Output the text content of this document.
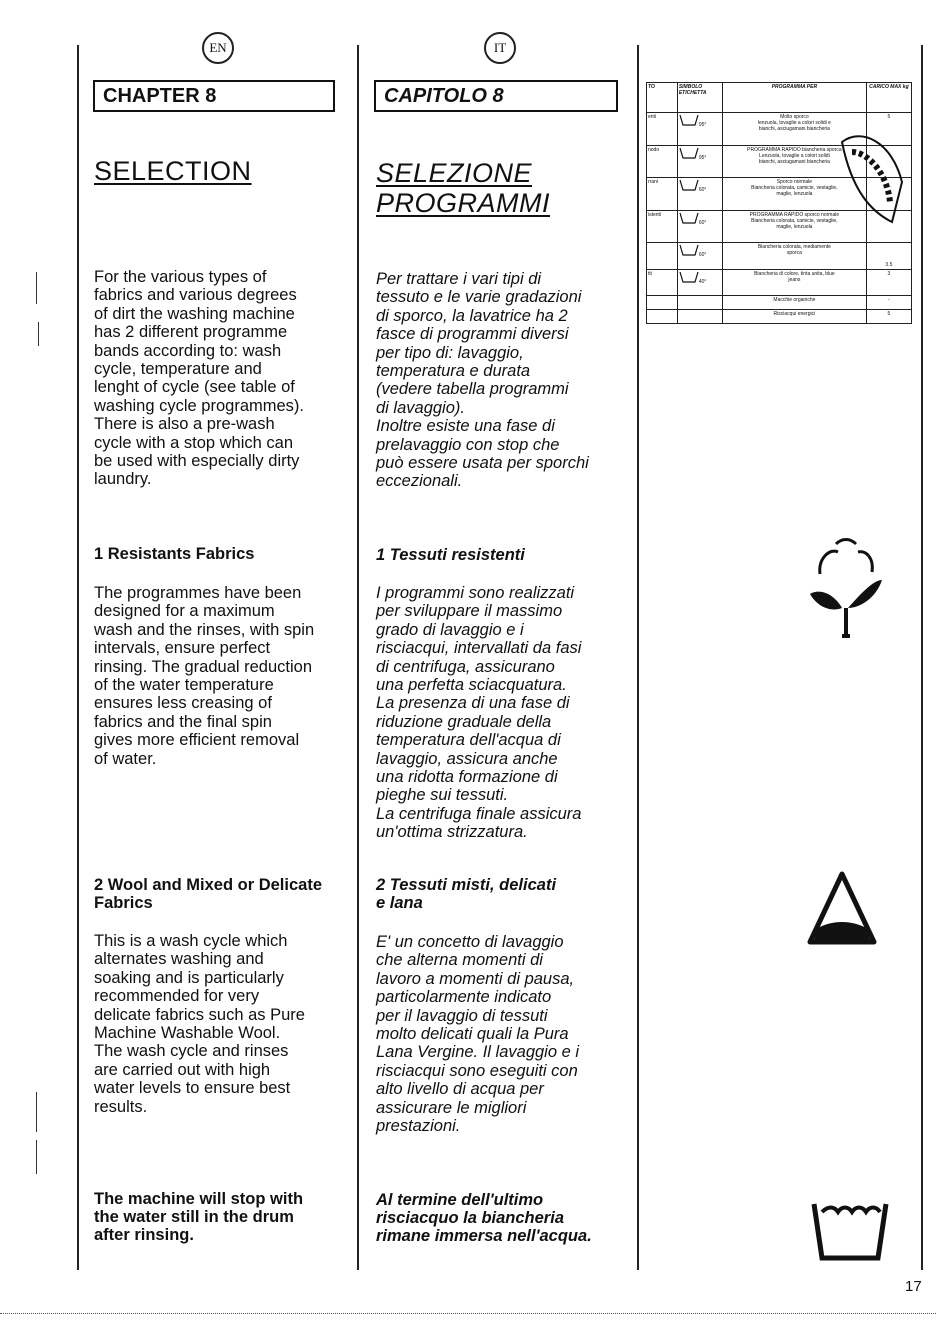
EN
CHAPTER 8
SELECTION
For the various types of
fabrics and various degrees
of dirt the washing machine
has 2 different programme
bands according to: wash
cycle, temperature and
lenght of cycle (see table of
washing cycle programmes).
There is also a pre-wash
cycle with a stop which can
be used with especially dirty
laundry.
1 Resistants Fabrics
The programmes have been
designed for a maximum
wash and the rinses, with spin
intervals, ensure perfect
rinsing. The gradual reduction
of the water temperature
ensures less creasing of
fabrics and the final spin
gives more efficient removal
of water.
2 Wool and Mixed or Delicate
Fabrics
This is a wash cycle which
alternates washing and
soaking and is particularly
recommended for very
delicate fabrics such as Pure
Machine Washable Wool.
The wash cycle and rinses
are carried out with high
water levels to ensure best
results.
The machine will stop with
the water still in the drum
after rinsing.
IT
CAPITOLO 8
SELEZIONE
PROGRAMMI
Per trattare i vari tipi di
tessuto e le varie gradazioni
di sporco, la lavatrice ha 2
fasce di programmi diversi
per tipo di: lavaggio,
temperatura e durata
(vedere tabella programmi
di lavaggio).
Inoltre esiste una fase di
prelavaggio con stop che
può essere usata per sporchi
eccezionali.
1 Tessuti resistenti
I programmi sono realizzati
per sviluppare il massimo
grado di lavaggio e i
risciacqui, intervallati da fasi
di centrifuga, assicurano
una perfetta sciacquatura.
La presenza di una fase di
riduzione graduale della
temperatura dell'acqua di
lavaggio, assicura anche
una ridotta formazione di
pieghe sui tessuti.
La centrifuga finale assicura
un'ottima strizzatura.
2 Tessuti misti, delicati
e lana
E' un concetto di lavaggio
che alterna momenti di
lavoro a momenti di pausa,
particolarmente indicato
per il lavaggio di tessuti
molto delicati quali la Pura
Lana Vergine. Il lavaggio e i
risciacqui sono eseguiti con
alto livello di acqua per
assicurare le migliori
prestazioni.
Al termine dell'ultimo
risciacquo la biancheria
rimane immersa nell'acqua.
TO	SIMBOLO ETICHETTA	PROGRAMMA PER	CARICO MAX kg
enti	95°	Molto sporco
lenzuola, tovaglie a colori solidi e
bianchi, asciugamani biancheria	5
nodo	95°	PROGRAMMA RAPIDO biancheria sporca
Lenzuola, tovaglie a colori solidi
bianchi, asciugamani biancheria	

rrani	60°	Sporco normale
Biancheria colorata, camicie, vestaglie,
maglie, lenzuola	

istenti	60°	PROGRAMMA RAPIDO sporco normale
Biancheria colorata, camicie, vestaglie,
maglie, lenzuola	

	60°	Biancheria colorata, mediamente
sporca	3.5
tti	40°	Biancheria di colore, tinta unita, blue
jeans	3

		Macchie organiche	-

		Risciacqui energici	5
17
